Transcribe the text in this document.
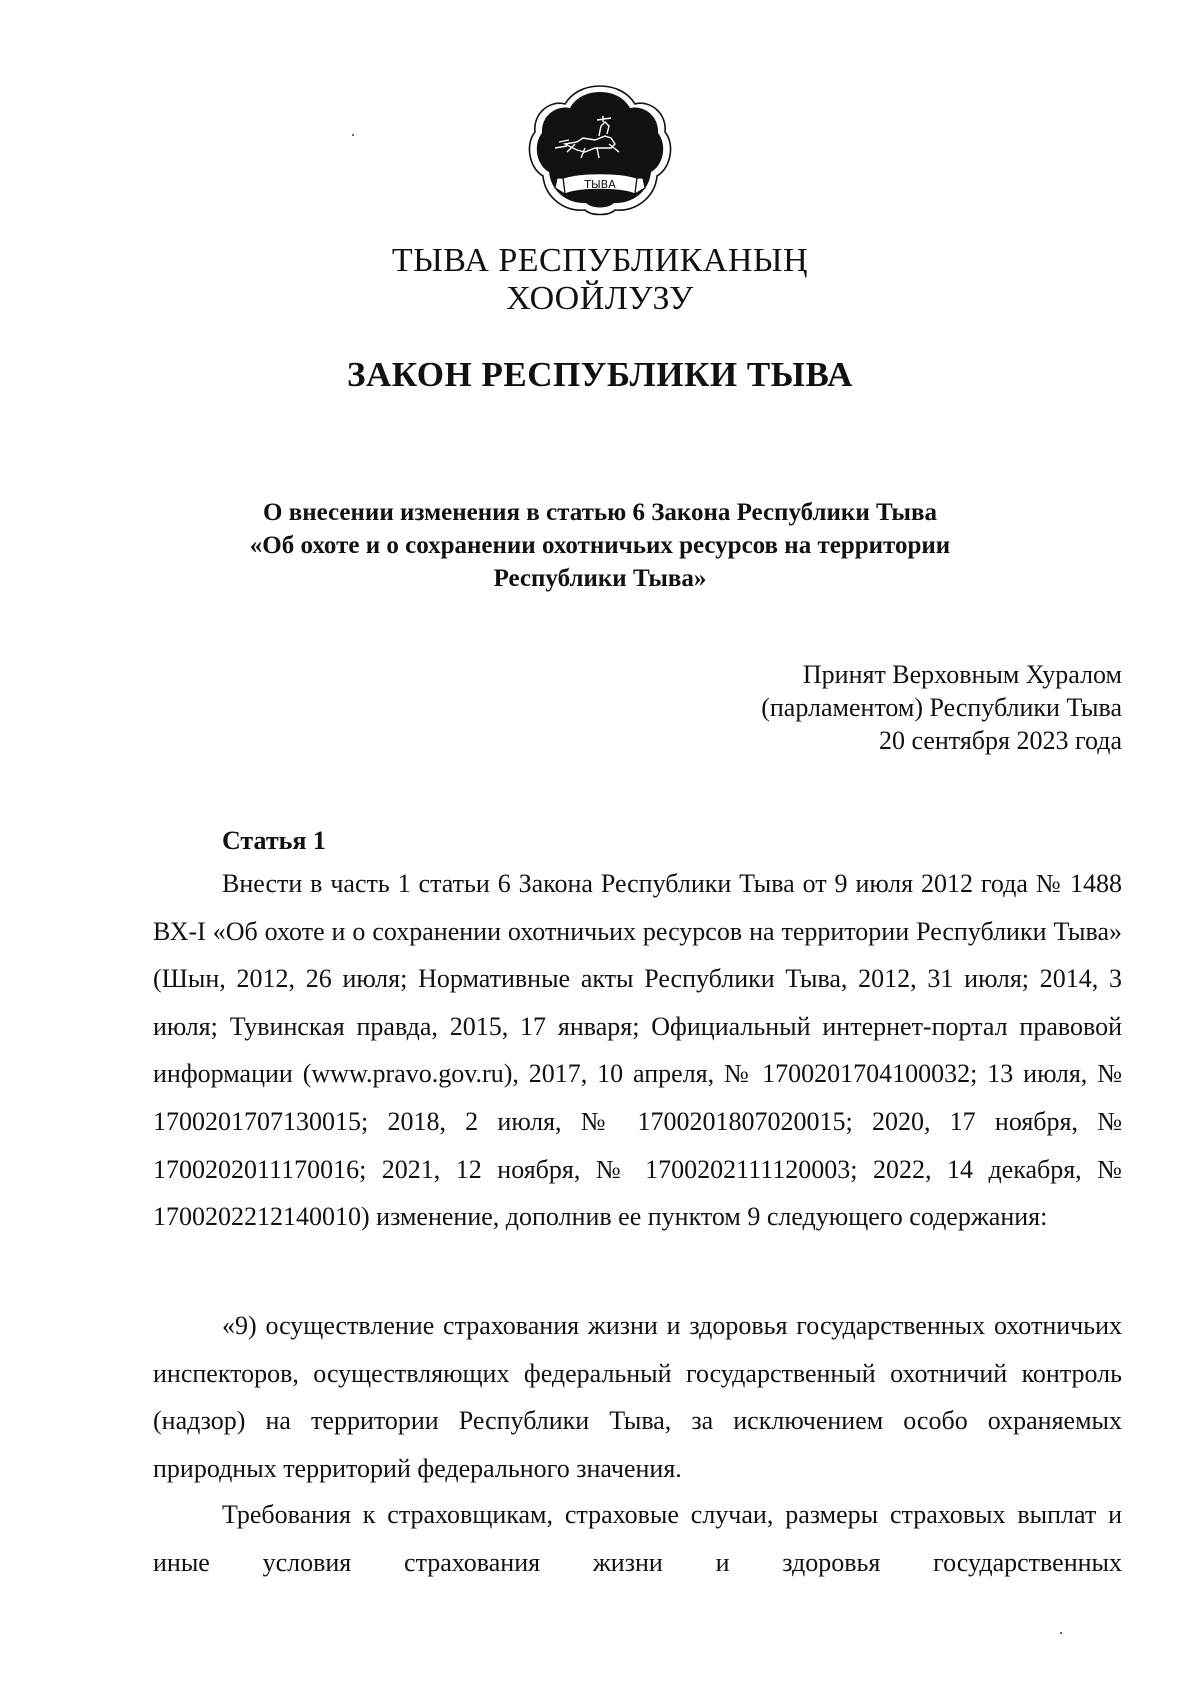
ТЫВА
ТЫВА РЕСПУБЛИКАНЫҢ
ХООЙЛУЗУ
ЗАКОН РЕСПУБЛИКИ ТЫВА
О внесении изменения в статью 6 Закона Республики Тыва
«Об охоте и о сохранении охотничьих ресурсов на территории
Республики Тыва»
Принят Верховным Хуралом
(парламентом) Республики Тыва
20 сентября 2023 года
Статья 1

Внести в часть 1 статьи 6 Закона Республики Тыва от 9 июля 2012 года № 1488 ВХ-I «Об охоте и о сохранении охотничьих ресурсов на территории Республики Тыва» (Шын, 2012, 26 июля; Нормативные акты Республики Тыва, 2012, 31 июля; 2014, 3 июля; Тувинская правда, 2015, 17 января; Официальный интернет-портал правовой информации (www.pravo.gov.ru), 2017, 10 апреля, № 1700201704100032; 13 июля, № 1700201707130015; 2018, 2 июля, № 1700201807020015; 2020, 17 ноября, № 1700202011170016; 2021, 12 ноября, № 1700202111120003; 2022, 14 декабря, № 1700202212140010) изменение, дополнив ее пунктом 9 следующего содержания:

«9) осуществление страхования жизни и здоровья государственных охотничьих инспекторов, осуществляющих федеральный государственный охотничий контроль (надзор) на территории Республики Тыва, за исключением особо охраняемых природных территорий федерального значения.

Требования к страховщикам, страховые случаи, размеры страховых выплат и иные условия страхования жизни и здоровья государственных
